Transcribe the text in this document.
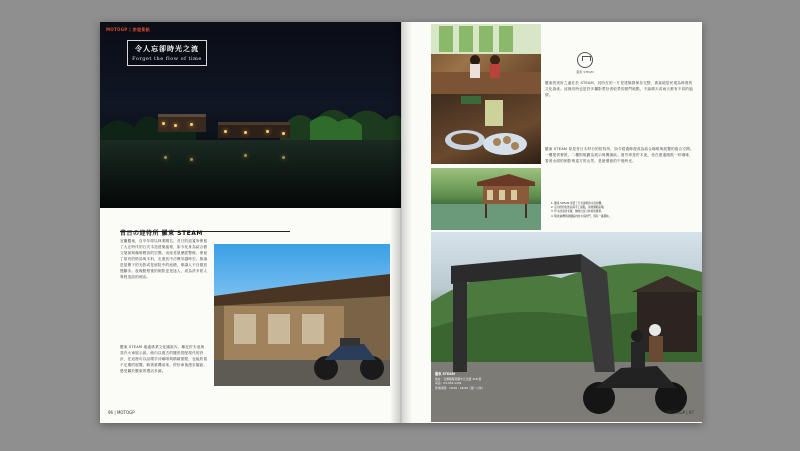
MOTOGP | 旅遊景點
令人忘卻時光之流
Forget the flow of time
昔日の迎待所 羅東 STEAM
宜蘭羅東，自早年即以林業聞名，昔日的迎賓所保留了大正時代的日式木造建築風格，如今化身為結合藝文展演與咖啡輕食的空間。這座老屋歷經整修，保留了原有的格局與木料，走進其中彷彿穿越時空。無論是屋簷下的光影或是庭院中的池塘，都讓人不自覺放慢腳步。夜晚點燈後的倒影更是迷人，成為許多旅人專程造訪的理由。
羅東 STEAM 地處林業文化園區內，鄰近貯木池與蒸汽火車展示區。館內以復古的擺設搭配現代的設計，在這裡可以品嚐手沖咖啡與精緻甜點，也能欣賞不定期的展覽。騎著重機前來，停好車後漫步園區，感受屬於羅東的慢活步調。
96 | MOTOGP
羅東 STEAM
羅東的美好之處在於 STEAM，其所在的一片老建築群保存完整，被當地居民視為珍貴的文化資產。這裡同時也是許多攝影愛好者取景的熱門地點，不論晴天或雨天都有不同的風情。
羅東 STEAM 原是昔日木材行的招待所，如今經過修復成為結合咖啡與展覽的複合空間。一樓提供餐飲，二樓則規劃為展示與閱讀區。窗外即是貯木池，坐在窗邊啜飲一杯咖啡，看著水面的倒影與遠方的山景，是最愜意的午後時光。
1. 羅東 STEAM 保留了日式建築的木造結構。
2. 店內的特色飲品與手工甜點，值得細細品嚐。
3. 貯木池旁的老屋，倒映出昔日林業的風華。
4. 騎乘重機穿越園區內的木造拱門，別有一番風味。
羅東 STEAM
地址：宜蘭縣羅東鎮中正北路 118 號
電話：03-954-1234
營業時間：10:00 - 18:00（週一公休）
MOTOGP | 97
